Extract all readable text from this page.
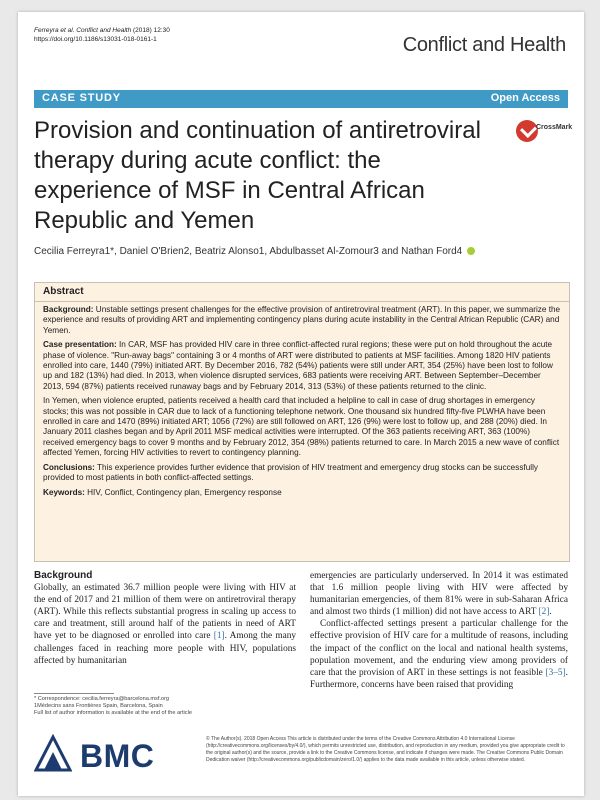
Ferreyra et al. Conflict and Health (2018) 12:30
https://doi.org/10.1186/s13031-018-0161-1	Conflict and Health
CASE STUDY	Open Access
Provision and continuation of antiretroviral therapy during acute conflict: the experience of MSF in Central African Republic and Yemen
CrossMark
Cecilia Ferreyra1*, Daniel O'Brien2, Beatriz Alonso1, Abdulbasset Al-Zomour3 and Nathan Ford4
Abstract

Background: Unstable settings present challenges for the effective provision of antiretroviral treatment (ART). In this paper, we summarize the experience and results of providing ART and implementing contingency plans during acute instability in the Central African Republic (CAR) and Yemen.

Case presentation: In CAR, MSF has provided HIV care in three conflict-affected rural regions; these were put on hold throughout the acute phase of violence. "Run-away bags" containing 3 or 4 months of ART were distributed to patients at MSF facilities. Among 1820 HIV patients enrolled into care, 1440 (79%) initiated ART. By December 2016, 782 (54%) patients were still under ART, 354 (25%) have been lost to follow up and 182 (13%) had died. In 2013, when violence disrupted services, 683 patients were receiving ART. Between September–December 2013, 594 (87%) patients received runaway bags and by February 2014, 313 (53%) of these patients returned to the clinic.

In Yemen, when violence erupted, patients received a health card that included a helpline to call in case of drug shortages in emergency stocks; this was not possible in CAR due to lack of a functioning telephone network. One thousand six hundred fifty-five PLWHA have been enrolled in care and 1470 (89%) initiated ART; 1056 (72%) are still followed on ART, 126 (9%) were lost to follow up, and 288 (20%) died. In January 2011 clashes began and by April 2011 MSF medical activities were interrupted. Of the 363 patients receiving ART, 363 (100%) received emergency bags to cover 9 months and by February 2012, 354 (98%) patients returned to care. In March 2015 a new wave of conflict affected Yemen, forcing HIV activities to revert to contingency planning.

Conclusions: This experience provides further evidence that provision of HIV treatment and emergency drug stocks can be successfully provided to most patients in both conflict-affected settings.

Keywords: HIV, Conflict, Contingency plan, Emergency response

Background

Globally, an estimated 36.7 million people were living with HIV at the end of 2017 and 21 million of them were on antiretroviral therapy (ART). While this reflects substantial progress in scaling up access to care and treatment, still around half of the patients in need of ART have yet to be diagnosed or enrolled into care [1]. Among the many challenges faced in reaching more people with HIV, populations affected by humanitarian

emergencies are particularly underserved. In 2014 it was estimated that 1.6 million people living with HIV were affected by humanitarian emergencies, of them 81% were in sub-Saharan Africa and almost two thirds (1 million) did not have access to ART [2].

Conflict-affected settings present a particular challenge for the effective provision of HIV care for a multitude of reasons, including the impact of the conflict on the local and national health systems, population movement, and the enduring view among providers of care that the provision of ART in these settings is not feasible [3–5]. Furthermore, concerns have been raised that providing

* Correspondence: cecilia.ferreyra@barcelona.msf.org
1Médecins sans Frontières Spain, Barcelona, Spain
Full list of author information is available at the end of the article
BMC	© The Author(s). 2018 Open Access This article is distributed under the terms of the Creative Commons Attribution 4.0 International License (http://creativecommons.org/licenses/by/4.0/), which permits unrestricted use, distribution, and reproduction in any medium, provided you give appropriate credit to the original author(s) and the source, provide a link to the Creative Commons license, and indicate if changes were made. The Creative Commons Public Domain Dedication waiver (http://creativecommons.org/publicdomain/zero/1.0/) applies to the data made available in this article, unless otherwise stated.
